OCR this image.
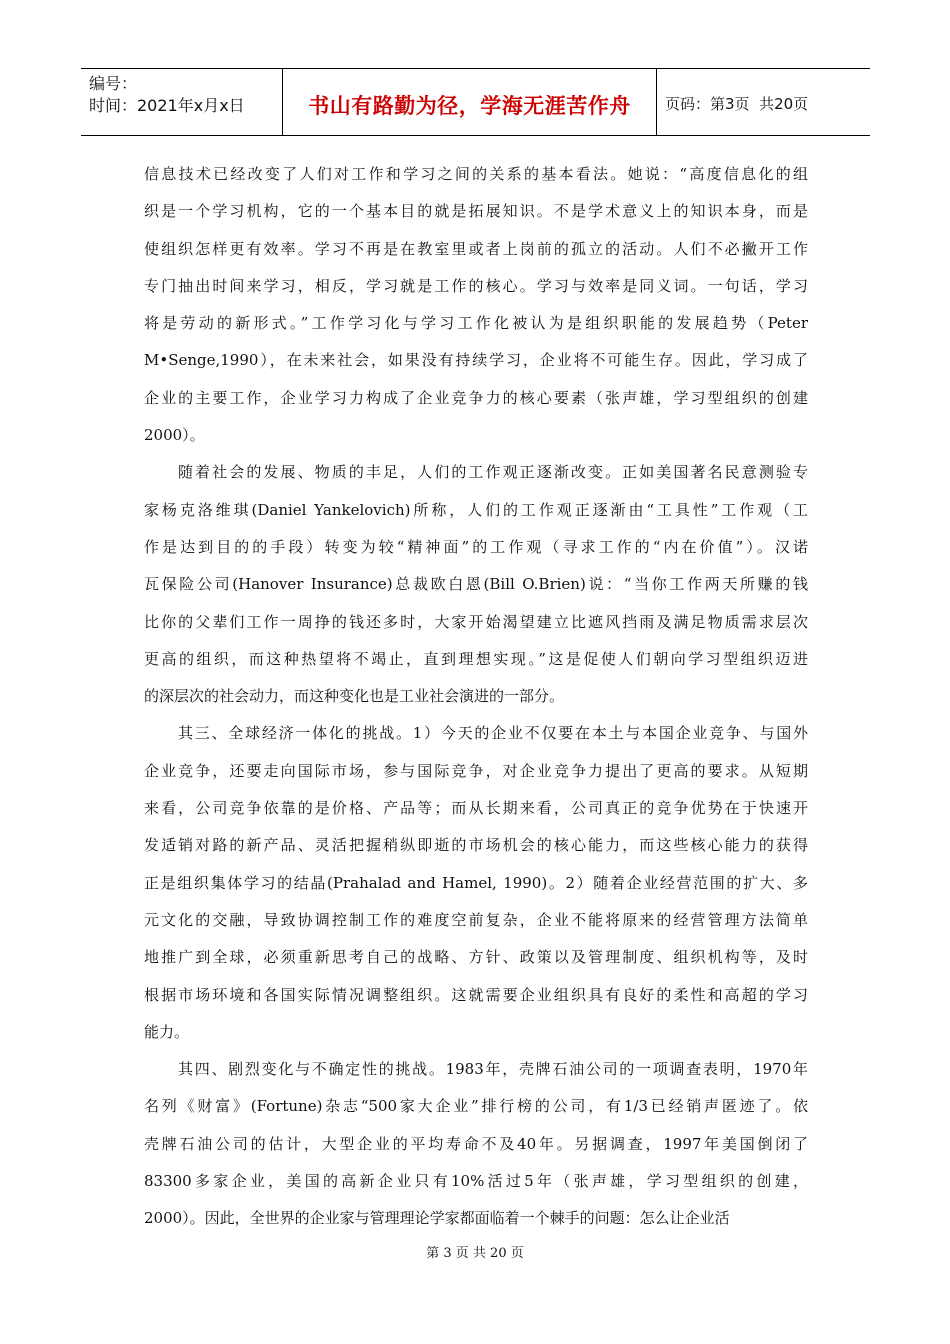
编号：
时间：2021年x月x日	书山有路勤为径，学海无涯苦作舟 页码：第3页  共20页
信息技术已经改变了人们对工作和学习之间的关系的基本看法。她说：“高度信息化的组
织是一个学习机构，它的一个基本目的就是拓展知识。不是学术意义上的知识本身，而是
使组织怎样更有效率。学习不再是在教室里或者上岗前的孤立的活动。人们不必撇开工作
专门抽出时间来学习，相反，学习就是工作的核心。学习与效率是同义词。一句话，学习
将是劳动的新形式。”工作学习化与学习工作化被认为是组织职能的发展趋势（Peter
M•Senge,1990），在未来社会，如果没有持续学习，企业将不可能生存。因此，学习成了
企业的主要工作，企业学习力构成了企业竞争力的核心要素（张声雄，学习型组织的创建
2000）。
随着社会的发展、物质的丰足，人们的工作观正逐渐改变。正如美国著名民意测验专
家杨克洛维琪(Daniel Yankelovich)所称，人们的工作观正逐渐由“工具性”工作观（工
作是达到目的的手段）转变为较“精神面”的工作观（寻求工作的“内在价值”）。汉诺
瓦保险公司(Hanover Insurance)总裁欧白恩(Bill O.Brien)说：“当你工作两天所赚的钱
比你的父辈们工作一周挣的钱还多时，大家开始渴望建立比遮风挡雨及满足物质需求层次
更高的组织，而这种热望将不竭止，直到理想实现。”这是促使人们朝向学习型组织迈进
的深层次的社会动力，而这种变化也是工业社会演进的一部分。
其三、全球经济一体化的挑战。1）今天的企业不仅要在本土与本国企业竞争、与国外
企业竞争，还要走向国际市场，参与国际竞争，对企业竞争力提出了更高的要求。从短期
来看，公司竞争依靠的是价格、产品等；而从长期来看，公司真正的竞争优势在于快速开
发适销对路的新产品、灵活把握稍纵即逝的市场机会的核心能力，而这些核心能力的获得
正是组织集体学习的结晶(Prahalad and Hamel, 1990)。2）随着企业经营范围的扩大、多
元文化的交融，导致协调控制工作的难度空前复杂，企业不能将原来的经营管理方法简单
地推广到全球，必须重新思考自己的战略、方针、政策以及管理制度、组织机构等，及时
根据市场环境和各国实际情况调整组织。这就需要企业组织具有良好的柔性和高超的学习
能力。
其四、剧烈变化与不确定性的挑战。1983年，壳牌石油公司的一项调查表明，1970年
名列《财富》(Fortune)杂志“500家大企业”排行榜的公司，有1/3已经销声匿迹了。依
壳牌石油公司的估计，大型企业的平均寿命不及40年。另据调查，1997年美国倒闭了
83300多家企业，美国的高新企业只有10%活过5年（张声雄，学习型组织的创建，
2000）。因此，全世界的企业家与管理理论学家都面临着一个棘手的问题：怎么让企业活
第 3 页 共 20 页
